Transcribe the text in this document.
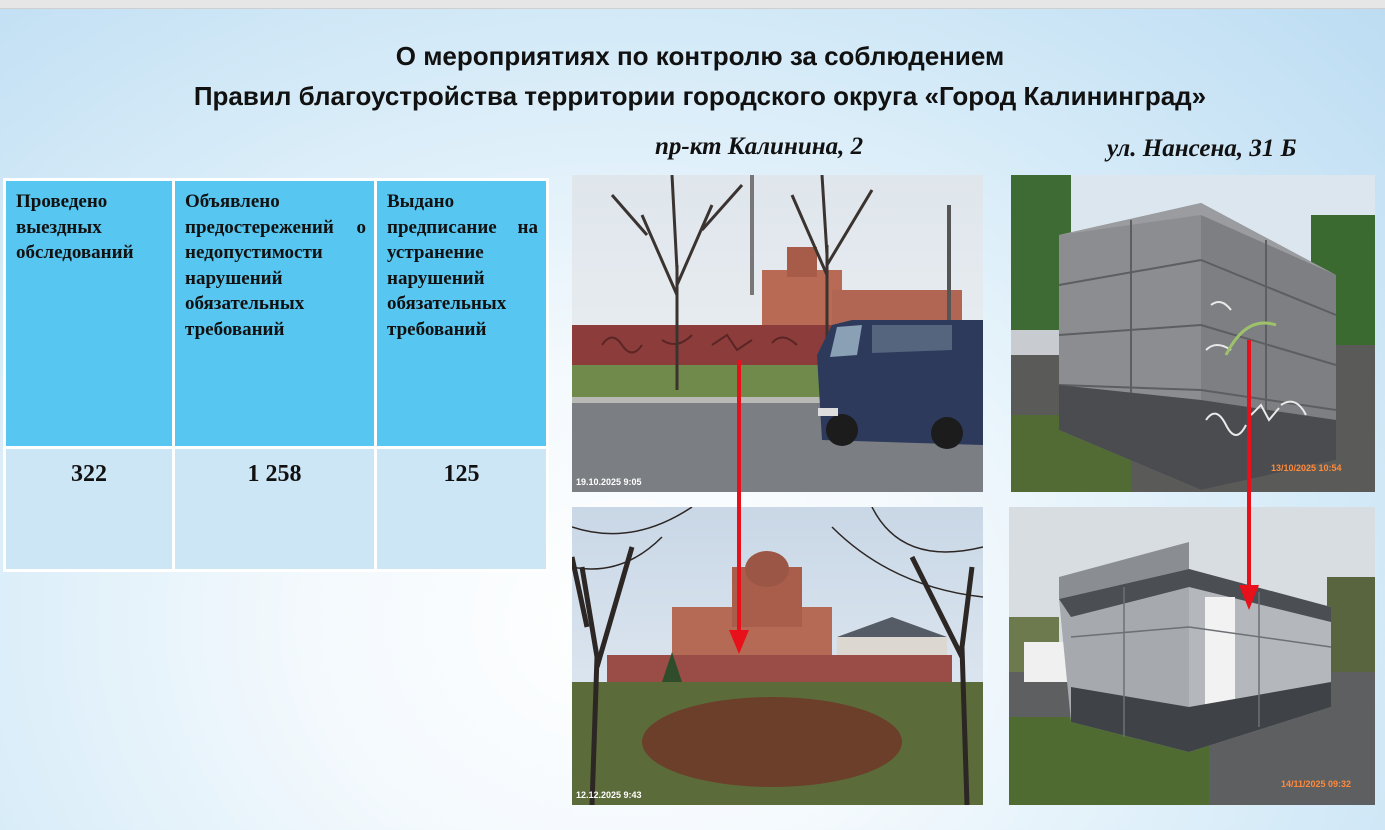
О мероприятиях по контролю за соблюдением
Правил благоустройства территории городского округа «Город Калининград»
пр-кт Калинина, 2	ул. Нансена, 31 Б
Проведено выездных обследований	Объявлено предостережений о недопустимости нарушений обязательных требований	Выдано предписание на устранение нарушений обязательных требований
322	1 258	125	19.10.2025 9:05
12.12.2025 9:43
13/10/2025 10:54
14/11/2025 09:32
